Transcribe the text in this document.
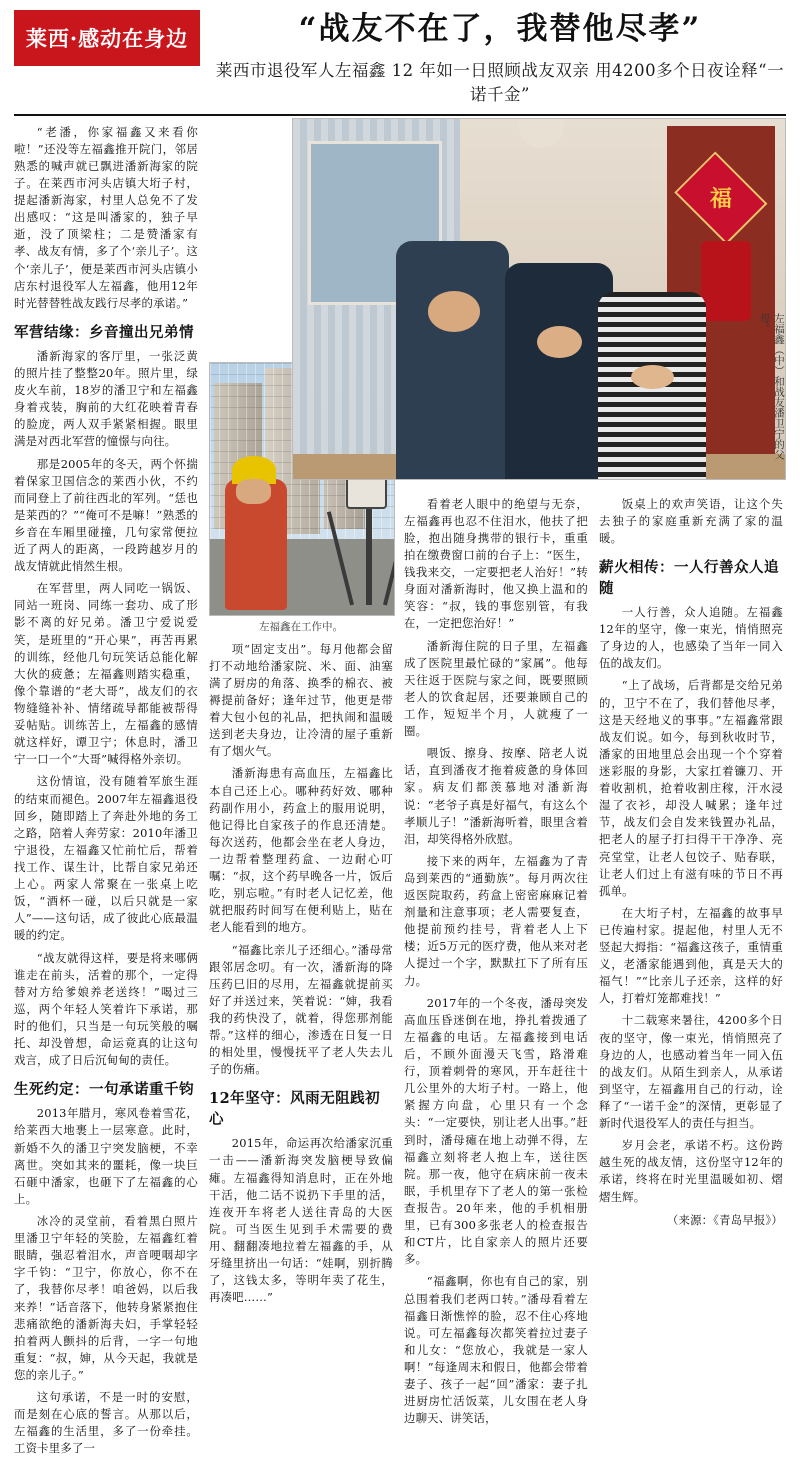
莱西·感动在身边	“战友不在了，我替他尽孝”
莱西市退役军人左福鑫 12 年如一日照顾战友双亲 用4200多个日夜诠释“一诺千金”

“老潘，你家福鑫又来看你啦！”还没等左福鑫推开院门，邻居熟悉的喊声就已飘进潘新海家的院子。在莱西市河头店镇大垳子村，提起潘新海家，村里人总免不了发出感叹：“这是叫潘家的，独子早逝，没了顶梁柱；二是赞潘家有孝、战友有情，多了个‘亲儿子’。这个‘亲儿子’，便是莱西市河头店镇小店东村退役军人左福鑫，他用12年时光替替牲战友践行尽孝的承诺。”

军营结缘：乡音撞出兄弟情

潘新海家的客厅里，一张泛黄的照片挂了整整20年。照片里，绿皮火车前，18岁的潘卫宁和左福鑫身着戎装，胸前的大红花映着青春的脸庞，两人双手紧紧相握。眼里满是对西北军营的憧憬与向往。

那是2005年的冬天，两个怀揣着保家卫国信念的莱西小伙，不约而同登上了前往西北的军列。“恁也是莱西的？”“俺可不是嘛！”熟悉的乡音在车厢里碰撞，几句家常便拉近了两人的距离，一段跨越岁月的战友情就此悄然生根。

在军营里，两人同吃一锅饭、同站一班岗、同练一套功、成了形影不离的好兄弟。潘卫宁爱说爱笑，是班里的“开心果”，再苦再累的训练，经他几句玩笑话总能化解大伙的疲惫；左福鑫则踏实稳重，像个靠谱的“老大哥”，战友们的衣物缝缝补补、情绪疏导都能被帮得妥帖贴。训练苦上，左福鑫的感情就这样好，谭卫宁；休息时，潘卫宁一口一个“大哥”喊得格外亲切。

这份情谊，没有随着军旅生涯的结束而褪色。2007年左福鑫退役回乡，随即踏上了奔赴外地的务工之路，陪着人奔劳家：2010年潘卫宁退役，左福鑫又忙前忙后，帮着找工作、谋生计，比帮自家兄弟还上心。两家人常聚在一张桌上吃饭，“酒杯一碰，以后只就是一家人”——这句话，成了彼此心底最温暖的约定。

“战友就得这样，要是将来哪俩谁走在前头，活着的那个，一定得替对方给爹娘养老送终！”喝过三巡，两个年轻人笑着许下承诺，那时的他们，只当是一句玩笑般的嘱托、却没曾想，命运竟真的让这句戏言，成了日后沉甸甸的责任。

生死约定：一句承诺重千钧

2013年腊月，寒风卷着雪花，给莱西大地裹上一层寒意。此时，新婚不久的潘卫宁突发脑梗，不幸离世。突如其来的噩耗，像一块巨石砸中潘家，也砸下了左福鑫的心上。

冰冷的灵堂前，看着黑白照片里潘卫宁年轻的笑脸，左福鑫红着眼睛，强忍着泪水，声音哽咽却字字千钧：“卫宁，你放心，你不在了，我替你尽孝！咱爸妈，以后我来养！”话音落下，他转身紧紧抱住悲痛欲绝的潘新海夫妇，手掌轻轻拍着两人颤抖的后背，一字一句地重复：“叔，婶，从今天起，我就是您的亲儿子。”

这句承诺，不是一时的安慰，而是刻在心底的誓言。从那以后，左福鑫的生活里，多了一份牵挂。工资卡里多了一

左福鑫在工作中。

项“固定支出”。每月他都会留打不动地给潘家院、米、面、油塞满了厨房的角落、换季的棉衣、被褥提前备好；逢年过节，他更是带着大包小包的礼品，把执闹和温暖送到老夫身边，让冷清的屋子重新有了烟火气。

潘新海患有高血压，左福鑫比本自己还上心。哪种药好效、哪种药副作用小，药盒上的服用说明，他记得比自家孩子的作息还清楚。每次送药，他都会坐在老人身边，一边帮着整理药盒、一边耐心叮嘱：“叔，这个药早晚各一片，饭后吃，别忘啦。”有时老人记忆差，他就把服药时间写在便利贴上，贴在老人能看到的地方。

“福鑫比亲儿子还细心。”潘母常跟邻居念叨。有一次，潘新海的降压药巳旧的尽用，左福鑫就提前买好了并送过来，笑着说：“婶，我看我的药快没了，就着，得您那剂能帮。”这样的细心，渗透在日复一日的相处里，慢慢抚平了老人失去儿子的伤痛。

12年坚守：风雨无阻践初心

2015年，命运再次给潘家沉重一击——潘新海突发脑梗导致偏瘫。左福鑫得知消息时，正在外地干活，他二话不说扔下手里的活，连夜开车将老人送往青岛的大医院。可当医生见到手术需要的费用、翻翻凑地拉着左福鑫的手，从牙缝里挤出一句话：“娃啊，别折腾了，这钱太多，等明年卖了花生，再凑吧……”

看着老人眼中的绝望与无奈，左福鑫再也忍不住泪水，他扶了把脸，抱出随身携带的银行卡，重重拍在缴费窗口前的台子上：“医生，钱我来交，一定要把老人治好！”转身面对潘新海时，他又换上温和的笑容：“叔，钱的事您别管，有我在，一定把您治好！”

潘新海住院的日子里，左福鑫成了医院里最忙碌的“家属”。他每天往返于医院与家之间，既要照顾老人的饮食起居，还要兼顾自己的工作，短短半个月，人就瘦了一圈。

喂饭、擦身、按摩、陪老人说话，直到潘夜才拖着疲惫的身体回家。病友们都羡慕地对潘新海说：“老爷子真是好福气，有这么个孝顺儿子！”潘新海听着，眼里含着泪，却笑得格外欣慰。

接下来的两年，左福鑫为了青岛到莱西的“通勤族”。每月两次往返医院取药，药盒上密密麻麻记着剂量和注意事项；老人需要复查，他提前预约挂号，背着老人上下楼；近5万元的医疗费，他从来对老人提过一个字，默默扛下了所有压力。

2017年的一个冬夜，潘母突发高血压昏迷倒在地，挣扎着拨通了左福鑫的电话。左福鑫接到电话后，不顾外面漫天飞雪，路滑难行，顶着刺骨的寒风，开车赶往十几公里外的大垳子村。一路上，他紧握方向盘，心里只有一个念头：“一定要快，别让老人出事。”赶到时，潘母瘫在地上动弹不得，左福鑫立刻将老人抱上车，送往医院。那一夜，他守在病床前一夜未眠，手机里存下了老人的第一张检查报告。20年来，他的手机相册里，已有300多张老人的检查报告和CT片，比自家亲人的照片还要多。

“福鑫啊，你也有自己的家，别总围着我们老两口转。”潘母看着左福鑫日渐憔悴的脸，忍不住心疼地说。可左福鑫每次都笑着拉过妻子和儿女：“您放心，我就是一家人啊！”每逢周末和假日，他都会带着妻子、孩子一起“回”潘家：妻子扎进厨房忙活饭菜，儿女围在老人身边聊天、讲笑话，

饭桌上的欢声笑语，让这个失去独子的家庭重新充满了家的温暖。

薪火相传：一人行善众人追随

一人行善，众人追随。左福鑫12年的坚守，像一束光，悄悄照亮了身边的人，也感染了当年一同入伍的战友们。

“上了战场，后背都是交给兄弟的，卫宁不在了，我们替他尽孝，这是天经地义的事事。”左福鑫常跟战友们说。如今，每到秋收时节，潘家的田地里总会出现一个个穿着迷彩服的身影，大家扛着镰刀、开着收割机，抢着收割庄稼，汗水浸湿了衣衫，却没人喊累；逢年过节，战友们会自发来钱置办礼品，把老人的屋子打扫得干干净净、亮亮堂堂，让老人包饺子、贴春联，让老人们过上有滋有味的节日不再孤单。

在大垳子村，左福鑫的故事早已传遍村家。提起他，村里人无不竖起大拇指：“福鑫这孩子，重情重义，老潘家能遇到他，真是天大的福气！”“比亲儿子还亲，这样的好人，打着灯笼都难找！”

十二载寒来暑往，4200多个日夜的坚守，像一束光，悄悄照亮了身边的人，也感动着当年一同入伍的战友们。从陌生到亲人，从承诺到坚守，左福鑫用自己的行动，诠释了“一诺千金”的深情，更彰显了新时代退役军人的责任与担当。

岁月会老，承诺不朽。这份跨越生死的战友情，这份坚守12年的承诺，终将在时光里温暖如初、熠熠生辉。

（来源：《青岛早报》）

福
左福鑫（中）和战友潘卫宁的父母。
